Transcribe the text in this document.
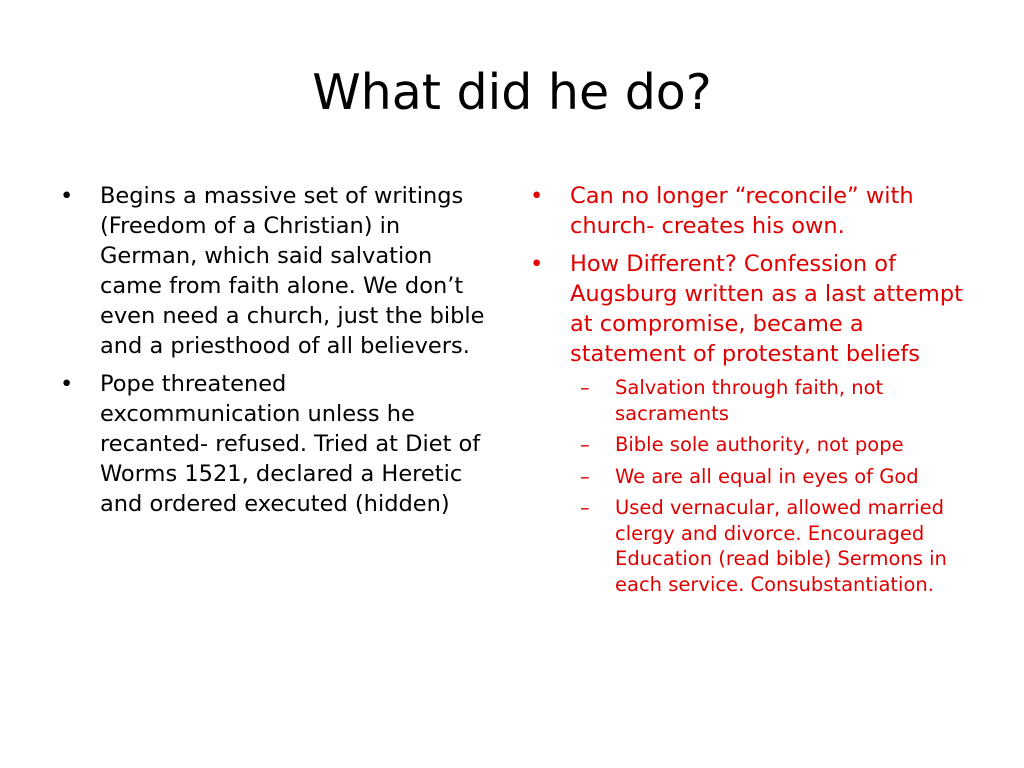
What did he do?
• Begins a massive set of writings (Freedom of a Christian) in German, which said salvation came from faith alone. We don’t even need a church, just the bible and a priesthood of all believers.
• Pope threatened excommunication unless he recanted- refused. Tried at Diet of Worms 1521, declared a Heretic and ordered executed (hidden)
• Can no longer “reconcile” with church- creates his own.
• How Different? Confession of Augsburg written as a last attempt at compromise, became a statement of protestant beliefs
– Salvation through faith, not sacraments
– Bible sole authority, not pope
– We are all equal in eyes of God
– Used vernacular, allowed married clergy and divorce. Encouraged Education (read bible) Sermons in each service. Consubstantiation.
